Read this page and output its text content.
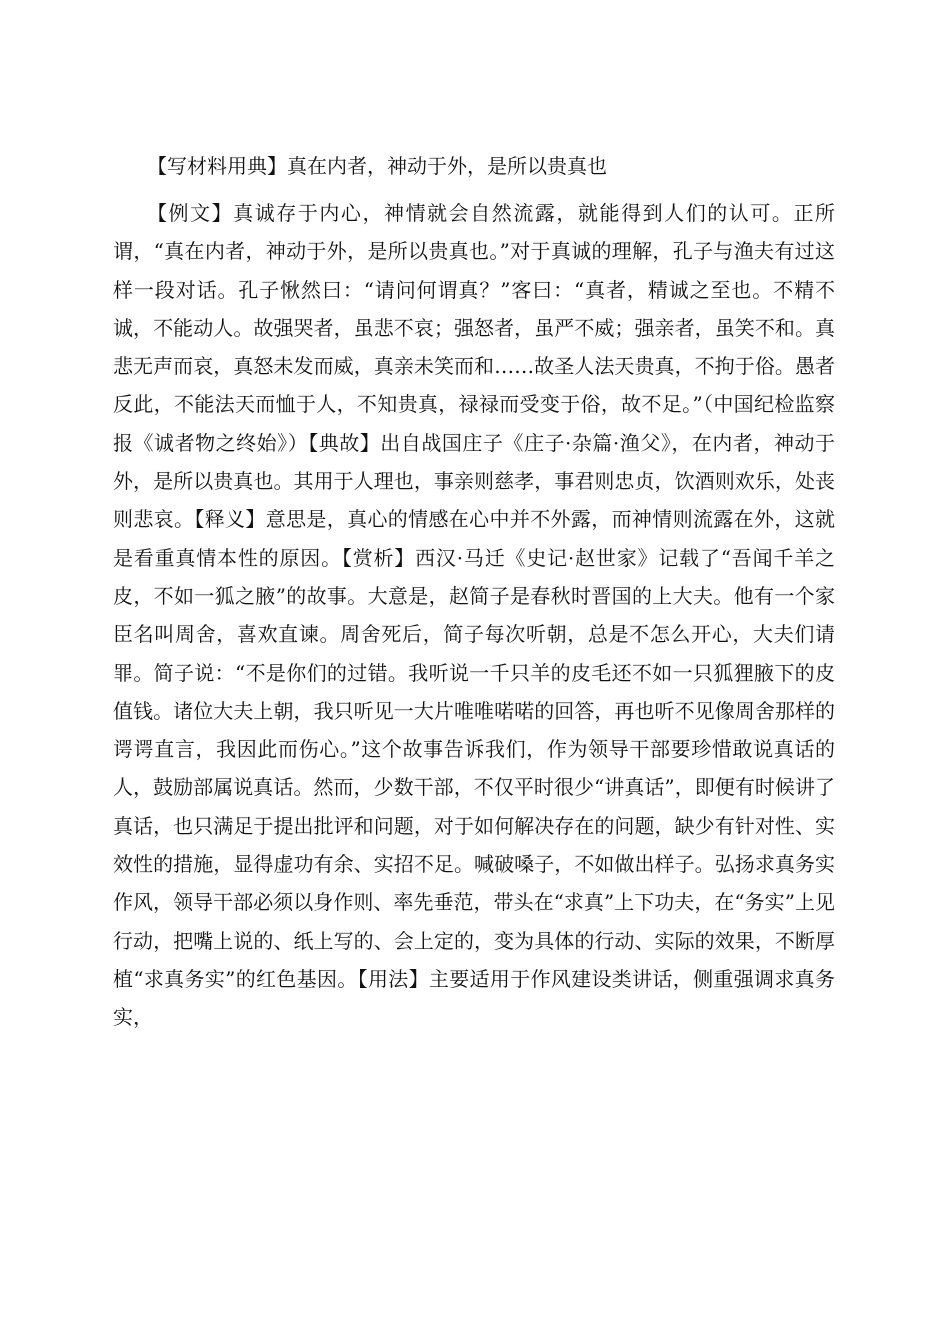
【写材料用典】真在内者，神动于外，是所以贵真也

【例文】真诚存于内心，神情就会自然流露，就能得到人们的认可。正所谓，“真在内者，神动于外，是所以贵真也。”对于真诚的理解，孔子与渔夫有过这样一段对话。孔子愀然曰：“请问何谓真？”客曰：“真者，精诚之至也。不精不诚，不能动人。故强哭者，虽悲不哀；强怒者，虽严不威；强亲者，虽笑不和。真悲无声而哀，真怒未发而威，真亲未笑而和……故圣人法天贵真，不拘于俗。愚者反此，不能法天而恤于人，不知贵真，禄禄而受变于俗，故不足。”（中国纪检监察报《诚者物之终始》）【典故】出自战国庄子《庄子·杂篇·渔父》，在内者，神动于外，是所以贵真也。其用于人理也，事亲则慈孝，事君则忠贞，饮酒则欢乐，处丧则悲哀。【释义】意思是，真心的情感在心中并不外露，而神情则流露在外，这就是看重真情本性的原因。【赏析】西汉·马迁《史记·赵世家》记载了“吾闻千羊之皮，不如一狐之腋”的故事。大意是，赵简子是春秋时晋国的上大夫。他有一个家臣名叫周舍，喜欢直谏。周舍死后，简子每次听朝，总是不怎么开心，大夫们请罪。简子说：“不是你们的过错。我听说一千只羊的皮毛还不如一只狐狸腋下的皮值钱。诸位大夫上朝，我只听见一大片唯唯喏喏的回答，再也听不见像周舍那样的谔谔直言，我因此而伤心。”这个故事告诉我们，作为领导干部要珍惜敢说真话的人，鼓励部属说真话。然而，少数干部，不仅平时很少“讲真话”，即便有时候讲了真话，也只满足于提出批评和问题，对于如何解决存在的问题，缺少有针对性、实效性的措施，显得虚功有余、实招不足。喊破嗓子，不如做出样子。弘扬求真务实作风，领导干部必须以身作则、率先垂范，带头在“求真”上下功夫，在“务实”上见行动，把嘴上说的、纸上写的、会上定的，变为具体的行动、实际的效果，不断厚植“求真务实”的红色基因。【用法】主要适用于作风建设类讲话，侧重强调求真务实，
